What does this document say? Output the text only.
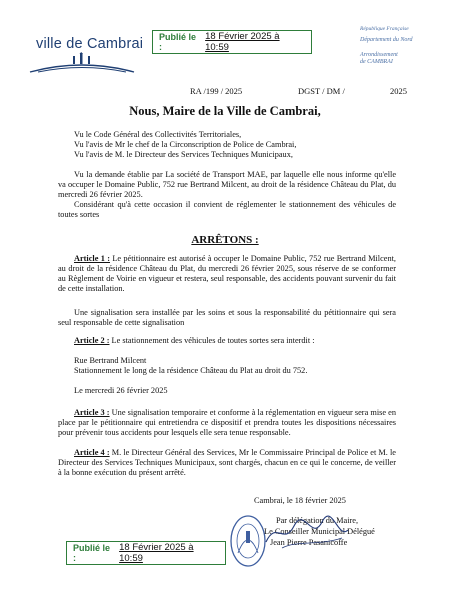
ville de Cambrai Publié le :
18 Février 2025 à 10:59
République Française
Département du Nord
Arrondissement
de CAMBRAI
RA /199 / 2025	DGST / DM /	2025
Nous, Maire de la Ville de Cambrai,
Vu le Code Général des Collectivités Territoriales,
Vu l'avis de Mr le chef de la Circonscription de Police de Cambrai,
Vu l'avis de M. le Directeur des Services Techniques Municipaux,
Vu la demande établie par La société de Transport MAE, par laquelle elle nous informe qu'elle va occuper le Domaine Public, 752 rue Bertrand Milcent, au droit de la résidence Château du Plat, du mercredi 26 février 2025.
Considérant qu'à cette occasion il convient de réglementer le stationnement des véhicules de toutes sortes
ARRÊTONS :
Article 1 : Le pétitionnaire est autorisé à occuper le Domaine Public, 752 rue Bertrand Milcent, au droit de la résidence Château du Plat, du mercredi 26 février 2025, sous réserve de se conformer au Règlement de Voirie en vigueur et restera, seul responsable, des accidents pouvant survenir du fait de cette installation.
Une signalisation sera installée par les soins et sous la responsabilité du pétitionnaire qui sera seul responsable de cette signalisation
Article 2 : Le stationnement des véhicules de toutes sortes sera interdit :
Rue Bertrand Milcent
Stationnement le long de la résidence Château du Plat au droit du 752.
Le mercredi 26 février 2025
Article 3 : Une signalisation temporaire et conforme à la réglementation en vigueur sera mise en place par le pétitionnaire qui entretiendra ce dispositif et prendra toutes les dispositions nécessaires pour prévenir tous accidents pour lesquels elle sera tenue responsable.
Article 4 : M. le Directeur Général des Services, Mr le Commissaire Principal de Police et M. le Directeur des Services Techniques Municipaux, sont chargés, chacun en ce qui le concerne, de veiller à la bonne exécution du présent arrêté.
Cambrai, le 18 février 2025
Par délégation du Maire,
Le Conseiller Municipal Délégué
Jean Pierre Pasanicoffe
Publié le :
18 Février 2025 à 10:59
